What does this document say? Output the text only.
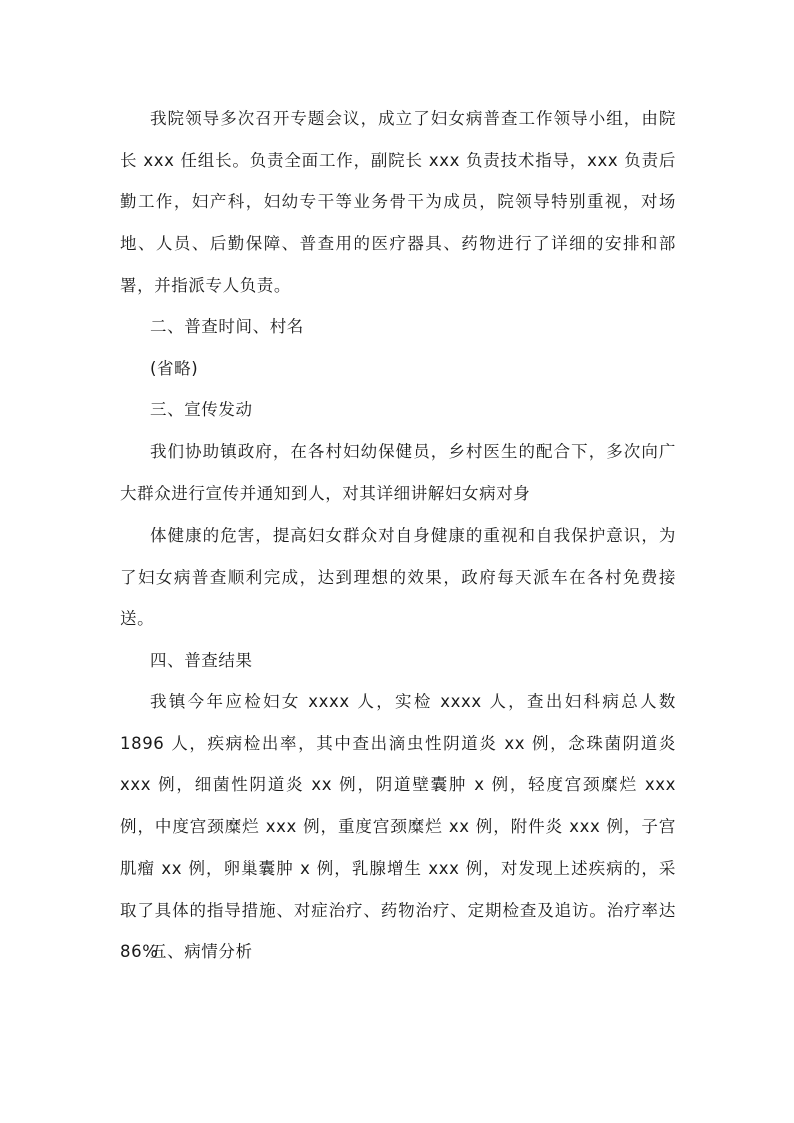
我院领导多次召开专题会议，成立了妇女病普查工作领导小组，由院长 xxx 任组长。负责全面工作，副院长 xxx 负责技术指导，xxx 负责后勤工作，妇产科，妇幼专干等业务骨干为成员，院领导特别重视，对场地、人员、后勤保障、普查用的医疗器具、药物进行了详细的安排和部署，并指派专人负责。

二、普查时间、村名

(省略)

三、宣传发动

我们协助镇政府，在各村妇幼保健员，乡村医生的配合下，多次向广大群众进行宣传并通知到人，对其详细讲解妇女病对身

体健康的危害，提高妇女群众对自身健康的重视和自我保护意识，为了妇女病普查顺利完成，达到理想的效果，政府每天派车在各村免费接送。

四、普查结果

我镇今年应检妇女 xxxx 人，实检 xxxx 人，查出妇科病总人数 1896 人，疾病检出率，其中查出滴虫性阴道炎 xx 例，念珠菌阴道炎 xxx 例，细菌性阴道炎 xx 例，阴道壁囊肿 x 例，轻度宫颈糜烂 xxx 例，中度宫颈糜烂 xxx 例，重度宫颈糜烂 xx 例，附件炎 xxx 例，子宫肌瘤 xx 例，卵巢囊肿 x 例，乳腺增生 xxx 例，对发现上述疾病的，采取了具体的指导措施、对症治疗、药物治疗、定期检查及追访。治疗率达 86%

五、病情分析
